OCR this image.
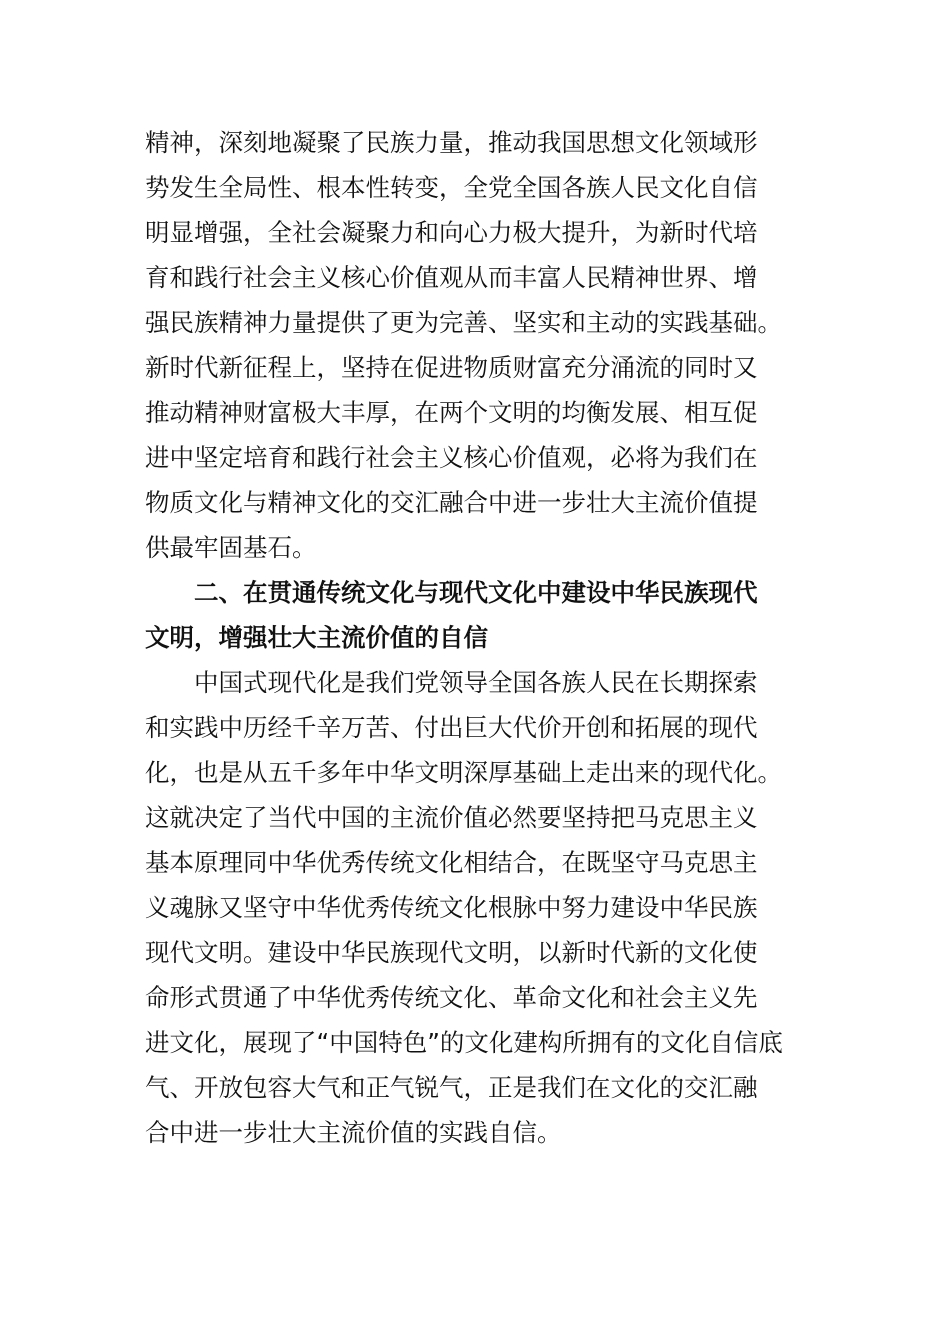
精神，深刻地凝聚了民族力量，推动我国思想文化领域形
势发生全局性、根本性转变，全党全国各族人民文化自信
明显增强，全社会凝聚力和向心力极大提升，为新时代培
育和践行社会主义核心价值观从而丰富人民精神世界、增
强民族精神力量提供了更为完善、坚实和主动的实践基础。
新时代新征程上，坚持在促进物质财富充分涌流的同时又
推动精神财富极大丰厚，在两个文明的均衡发展、相互促
进中坚定培育和践行社会主义核心价值观，必将为我们在
物质文化与精神文化的交汇融合中进一步壮大主流价值提
供最牢固基石。
二、在贯通传统文化与现代文化中建设中华民族现代
文明，增强壮大主流价值的自信
中国式现代化是我们党领导全国各族人民在长期探索
和实践中历经千辛万苦、付出巨大代价开创和拓展的现代
化，也是从五千多年中华文明深厚基础上走出来的现代化。
这就决定了当代中国的主流价值必然要坚持把马克思主义
基本原理同中华优秀传统文化相结合，在既坚守马克思主
义魂脉又坚守中华优秀传统文化根脉中努力建设中华民族
现代文明。建设中华民族现代文明，以新时代新的文化使
命形式贯通了中华优秀传统文化、革命文化和社会主义先
进文化，展现了“中国特色”的文化建构所拥有的文化自信底
气、开放包容大气和正气锐气，正是我们在文化的交汇融
合中进一步壮大主流价值的实践自信。
